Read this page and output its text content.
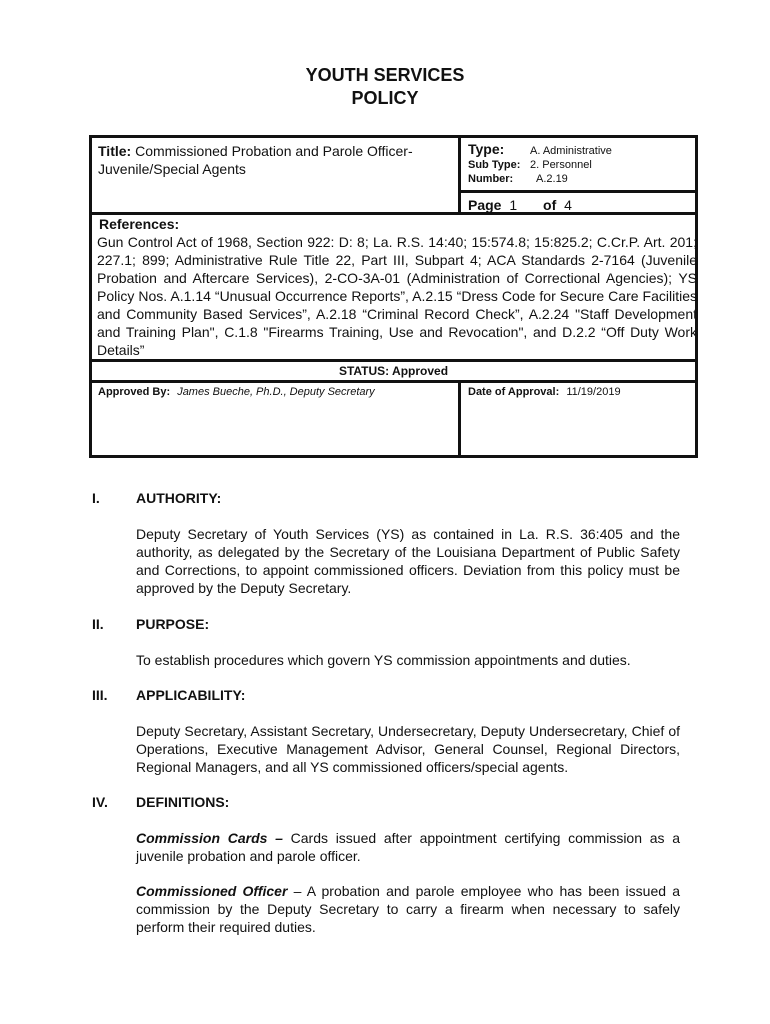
YOUTH SERVICES
POLICY
Title: Commissioned Probation and Parole Officer-Juvenile/Special Agents
Type:	A. Administrative
Sub Type: 2. Personnel
Number:	A.2.19
Page 1 of 4
References:
Gun Control Act of 1968, Section 922: D: 8; La. R.S. 14:40; 15:574.8; 15:825.2; C.Cr.P. Art. 201; 227.1; 899; Administrative Rule Title 22, Part III, Subpart 4; ACA Standards 2-7164 (Juvenile Probation and Aftercare Services), 2-CO-3A-01 (Administration of Correctional Agencies); YS Policy Nos. A.1.14 “Unusual Occurrence Reports”, A.2.15 “Dress Code for Secure Care Facilities and Community Based Services”, A.2.18 “Criminal Record Check”, A.2.24 "Staff Development and Training Plan", C.1.8 "Firearms Training, Use and Revocation", and D.2.2 “Off Duty Work Details”
STATUS: Approved
Approved By: James Bueche, Ph.D., Deputy Secretary	Date of Approval: 11/19/2019
I.	AUTHORITY:
Deputy Secretary of Youth Services (YS) as contained in La. R.S. 36:405 and the authority, as delegated by the Secretary of the Louisiana Department of Public Safety and Corrections, to appoint commissioned officers. Deviation from this policy must be approved by the Deputy Secretary.
II. PURPOSE:
To establish procedures which govern YS commission appointments and duties.
III. APPLICABILITY:
Deputy Secretary, Assistant Secretary, Undersecretary, Deputy Undersecretary, Chief of Operations, Executive Management Advisor, General Counsel, Regional Directors, Regional Managers, and all YS commissioned officers/special agents.
IV. DEFINITIONS:
Commission Cards – Cards issued after appointment certifying commission as a juvenile probation and parole officer.
Commissioned Officer – A probation and parole employee who has been issued a commission by the Deputy Secretary to carry a firearm when necessary to safely perform their required duties.
